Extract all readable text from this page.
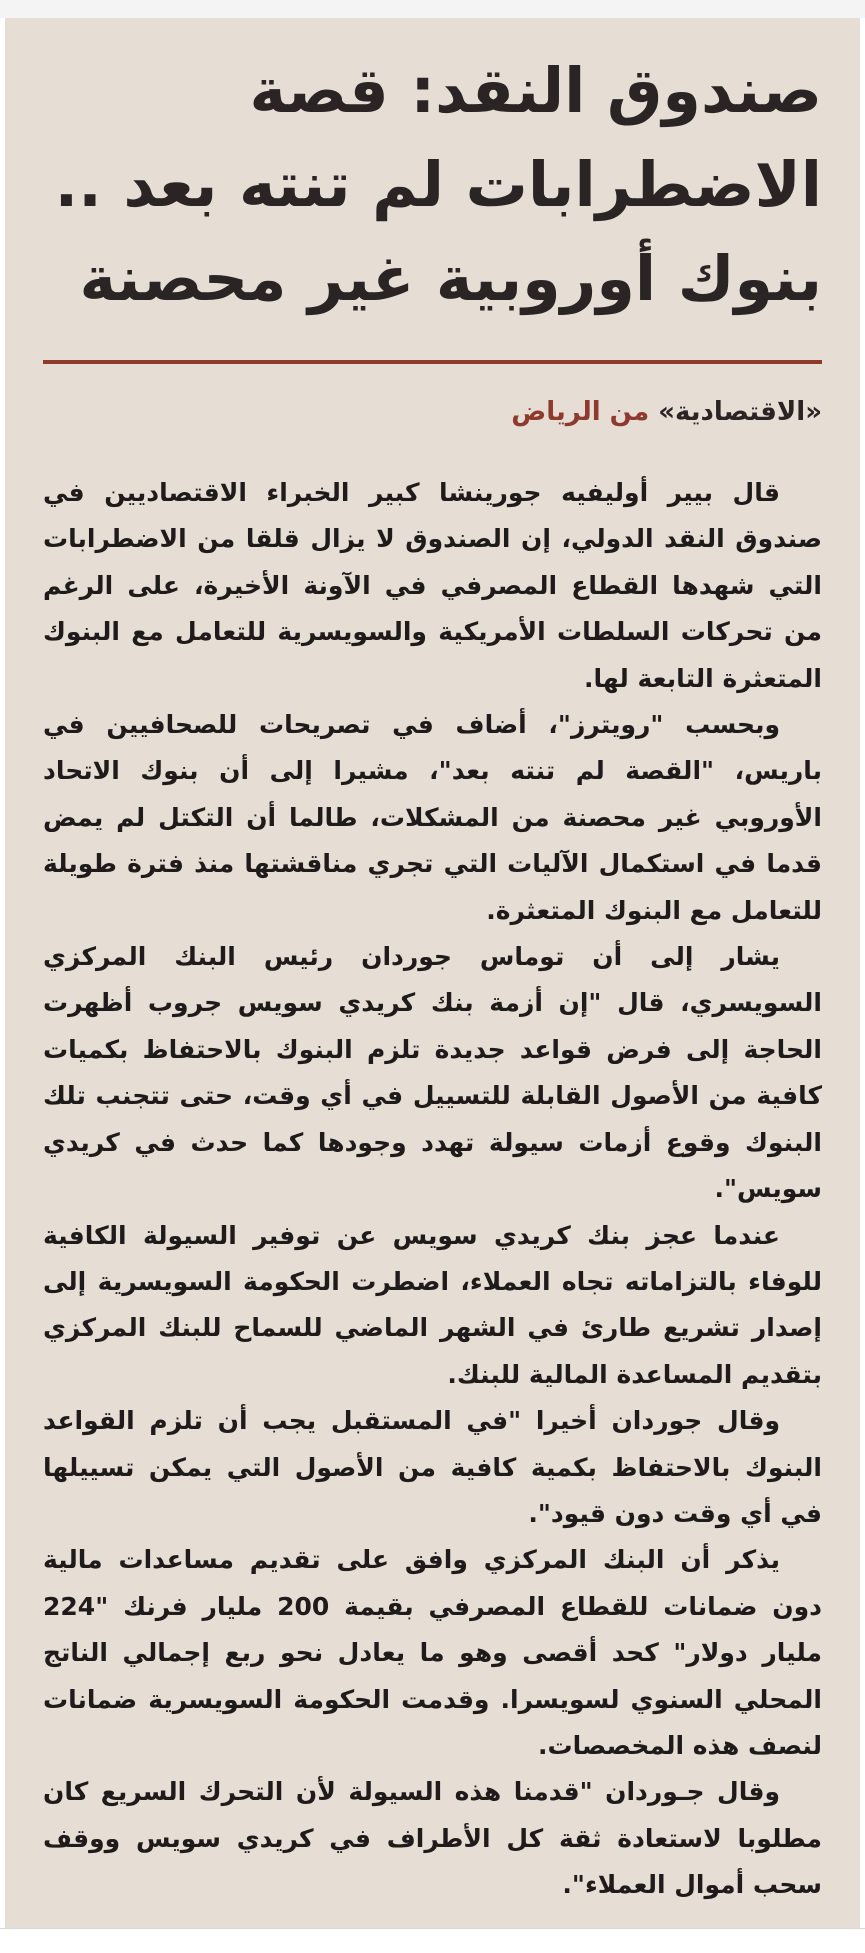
صندوق النقد: قصة الاضطرابات لم تنته بعد .. بنوك أوروبية غير محصنة
«الاقتصادية» من الرياض

قال بيير أوليفيه جورينشا كبير الخبراء الاقتصاديين في صندوق النقد الدولي، إن الصندوق لا يزال قلقا من الاضطرابات التي شهدها القطاع المصرفي في الآونة الأخيرة، على الرغم من تحركات السلطات الأمريكية والسويسرية للتعامل مع البنوك المتعثرة التابعة لها.

وبحسب "رويترز"، أضاف في تصريحات للصحافيين في باريس، "القصة لم تنته بعد"، مشيرا إلى أن بنوك الاتحاد الأوروبي غير محصنة من المشكلات، طالما أن التكتل لم يمض قدما في استكمال الآليات التي تجري مناقشتها منذ فترة طويلة للتعامل مع البنوك المتعثرة.

يشار إلى أن توماس جوردان رئيس البنك المركزي السويسري، قال "إن أزمة بنك كريدي سويس جروب أظهرت الحاجة إلى فرض قواعد جديدة تلزم البنوك بالاحتفاظ بكميات كافية من الأصول القابلة للتسييل في أي وقت، حتى تتجنب تلك البنوك وقوع أزمات سيولة تهدد وجودها كما حدث في كريدي سويس".

عندما عجز بنك كريدي سويس عن توفير السيولة الكافية للوفاء بالتزاماته تجاه العملاء، اضطرت الحكومة السويسرية إلى إصدار تشريع طارئ في الشهر الماضي للسماح للبنك المركزي بتقديم المساعدة المالية للبنك.

وقال جوردان أخيرا "في المستقبل يجب أن تلزم القواعد البنوك بالاحتفاظ بكمية كافية من الأصول التي يمكن تسييلها في أي وقت دون قيود".

يذكر أن البنك المركزي وافق على تقديم مساعدات مالية دون ضمانات للقطاع المصرفي بقيمة 200 مليار فرنك "224 مليار دولار" كحد أقصى وهو ما يعادل نحو ربع إجمالي الناتج المحلي السنوي لسويسرا. وقدمت الحكومة السويسرية ضمانات لنصف هذه المخصصات.

وقال جـوردان "قدمنا هذه السيولة لأن التحرك السريع كان مطلوبا لاستعادة ثقة كل الأطراف في كريدي سويس ووقف سحب أموال العملاء".
